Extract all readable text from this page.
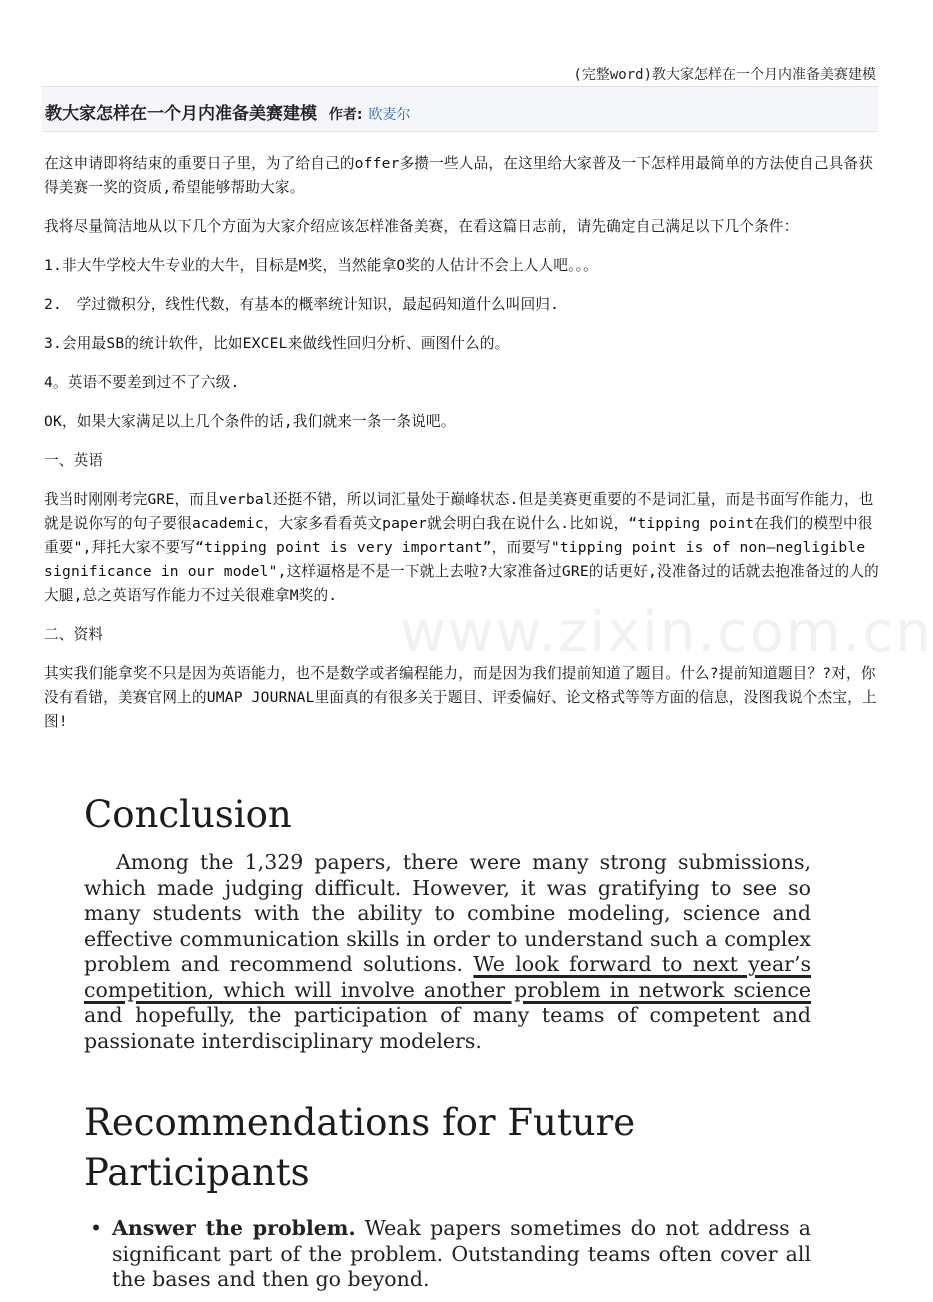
(完整word)教大家怎样在一个月内准备美赛建模
教大家怎样在一个月内准备美赛建模 作者: 欧麦尔

在这申请即将结束的重要日子里，为了给自己的offer多攒一些人品，在这里给大家普及一下怎样用最简单的方法使自己具备获得美赛一奖的资质,希望能够帮助大家。

我将尽量简洁地从以下几个方面为大家介绍应该怎样准备美赛，在看这篇日志前，请先确定自己满足以下几个条件：

1.非大牛学校大牛专业的大牛，目标是M奖，当然能拿O奖的人估计不会上人人吧。。。

2.　学过微积分，线性代数，有基本的概率统计知识，最起码知道什么叫回归.

3.会用最SB的统计软件，比如EXCEL来做线性回归分析、画图什么的。

4。英语不要差到过不了六级.

OK，如果大家满足以上几个条件的话,我们就来一条一条说吧。

一、英语

我当时刚刚考完GRE，而且verbal还挺不错，所以词汇量处于巅峰状态.但是美赛更重要的不是词汇量，而是书面写作能力，也就是说你写的句子要很academic，大家多看看英文paper就会明白我在说什么.比如说，“tipping point在我们的模型中很重要",拜托大家不要写“tipping point is very important”，而要写"tipping point is of non—negligible significance in our model",这样逼格是不是一下就上去啦?大家准备过GRE的话更好,没准备过的话就去抱准备过的人的大腿,总之英语写作能力不过关很难拿M奖的.

二、资料

其实我们能拿奖不只是因为英语能力，也不是数学或者编程能力，而是因为我们提前知道了题目。什么?提前知道题目？?对，你没有看错，美赛官网上的UMAP JOURNAL里面真的有很多关于题目、评委偏好、论文格式等等方面的信息，没图我说个杰宝，上图!

www.zixin.com.cn
Conclusion

Among the 1,329 papers, there were many strong submissions, which made judging difficult. However, it was gratifying to see so many students with the ability to combine modeling, science and effective communication skills in order to understand such a complex problem and recommend solutions. We look forward to next year’s competition, which will involve another problem in network science and hopefully, the participation of many teams of competent and passionate interdisciplinary modelers.

Recommendations for Future Participants

• Answer the problem. Weak papers sometimes do not address a significant part of the problem. Outstanding teams often cover all the bases and then go beyond.
